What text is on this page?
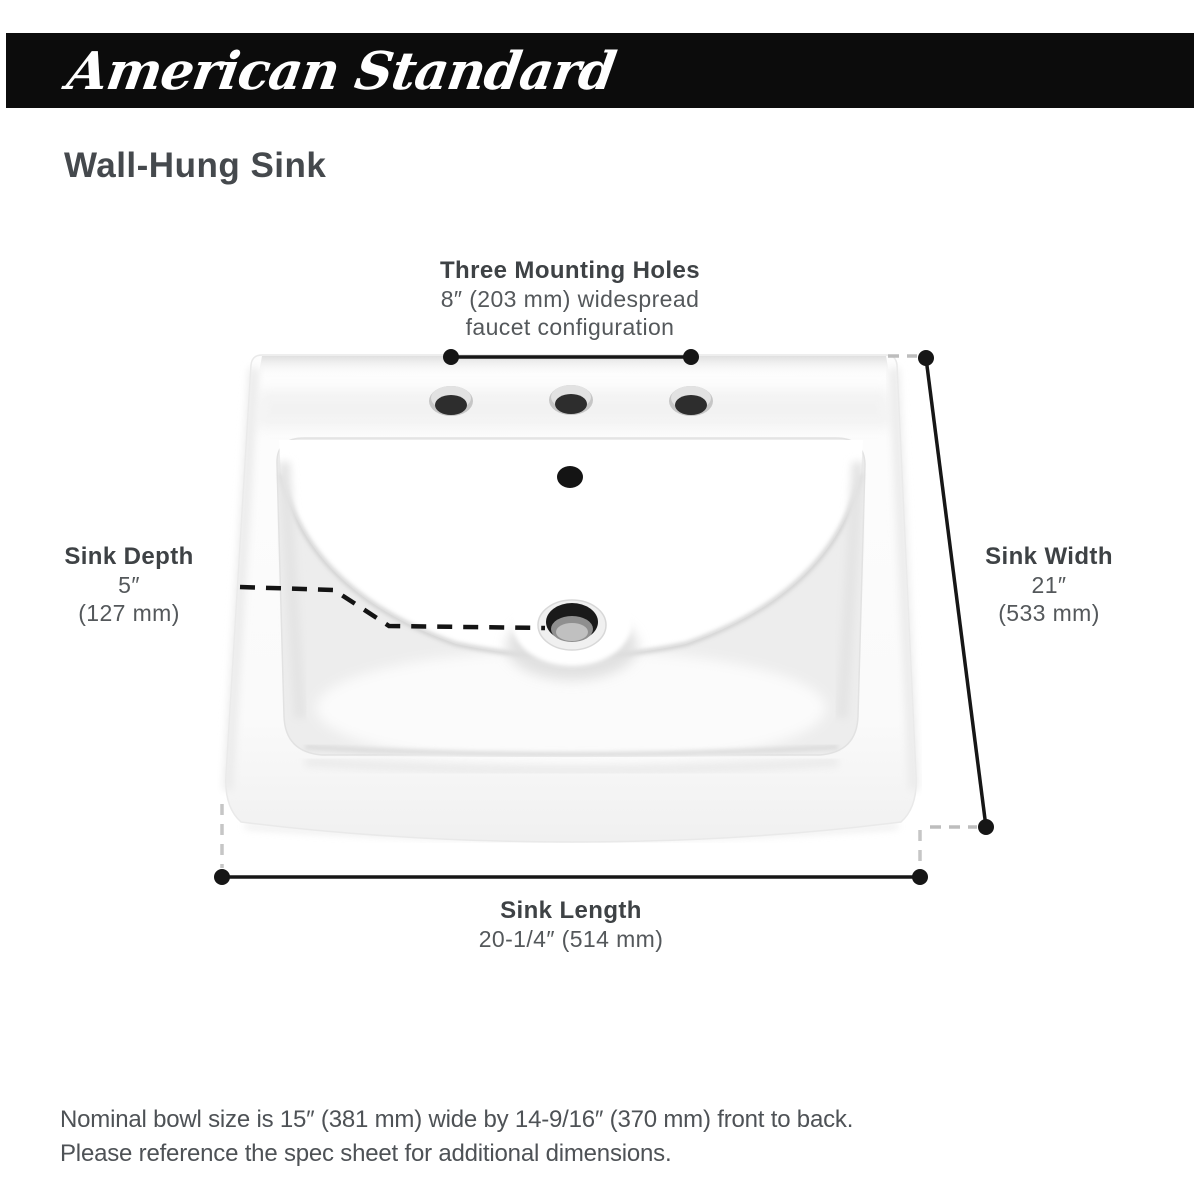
American Standard
Wall-Hung Sink
Three Mounting Holes
8″ (203 mm) widespread
faucet configuration
Sink Depth
5″
(127 mm)
Sink Width
21″
(533 mm)
Sink Length
20-1/4″ (514 mm)
Nominal bowl size is 15″ (381 mm) wide by 14-9/16″ (370 mm) front to back.
Please reference the spec sheet for additional dimensions.
